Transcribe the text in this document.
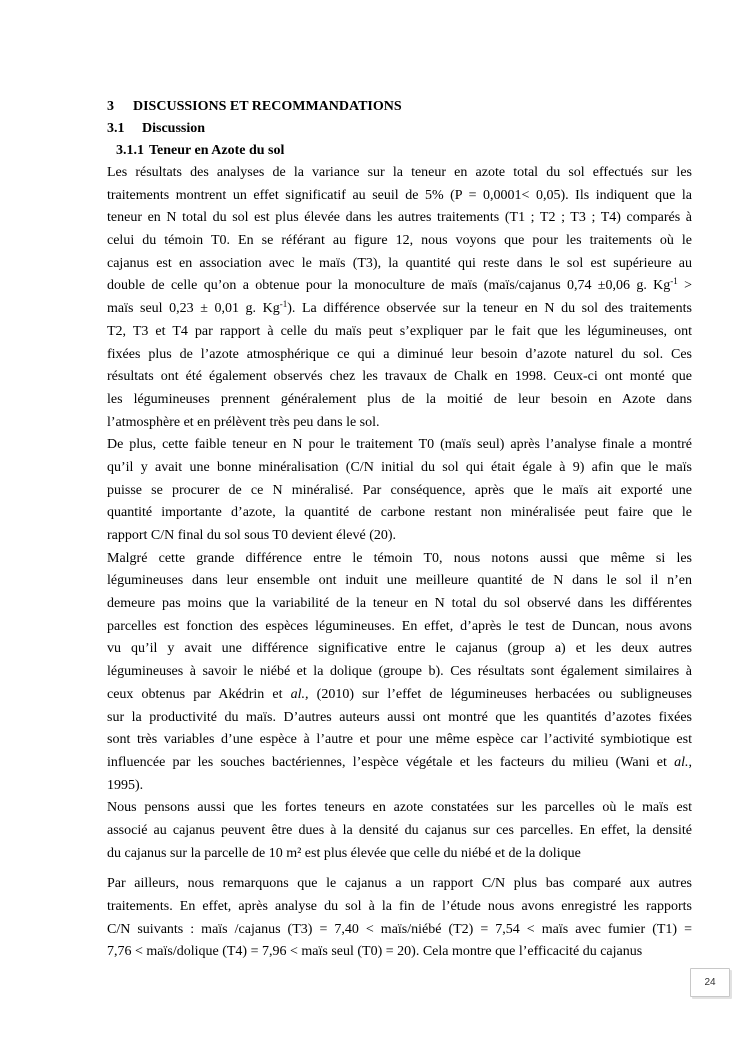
3 DISCUSSIONS ET RECOMMANDATIONS
3.1 Discussion
3.1.1 Teneur en Azote du sol
Les résultats des analyses de la variance sur la teneur en azote total du sol effectués sur les
traitements montrent un effet significatif au seuil de 5% (P = 0,0001< 0,05). Ils indiquent que la
teneur en N total du sol est plus élevée dans les autres traitements (T1 ; T2 ; T3 ; T4) comparés à
celui du témoin T0. En se référant au figure 12, nous voyons que pour les traitements où le
cajanus est en association avec le maïs (T3), la quantité qui reste dans le sol est supérieure au
double de celle qu’on a obtenue pour la monoculture de maïs (maïs/cajanus 0,74 ±0,06 g. $Kg^{-1}$ >
maïs seul 0,23 ± 0,01 g. $Kg^{-1}$). La différence observée sur la teneur en N du sol des traitements
T2, T3 et T4 par rapport à celle du maïs peut s’expliquer par le fait que les légumineuses, ont
fixées plus de l’azote atmosphérique ce qui a diminué leur besoin d’azote naturel du sol. Ces
résultats ont été également observés chez les travaux de Chalk en 1998. Ceux-ci ont monté que
les légumineuses prennent généralement plus de la moitié de leur besoin en Azote dans
l’atmosphère et en prélèvent très peu dans le sol.
De plus, cette faible teneur en N pour le traitement T0 (maïs seul) après l’analyse finale a montré
qu’il y avait une bonne minéralisation (C/N initial du sol qui était égale à 9) afin que le maïs
puisse se procurer de ce N minéralisé. Par conséquence, après que le maïs ait exporté une
quantité importante d’azote, la quantité de carbone restant non minéralisée peut faire que le
rapport C/N final du sol sous T0 devient élevé (20).
Malgré cette grande différence entre le témoin T0, nous notons aussi que même si les
légumineuses dans leur ensemble ont induit une meilleure quantité de N dans le sol il n’en
demeure pas moins que la variabilité de la teneur en N total du sol observé dans les différentes
parcelles est fonction des espèces légumineuses. En effet, d’après le test de Duncan, nous avons
vu qu’il y avait une différence significative entre le cajanus (group a) et les deux autres
légumineuses à savoir le niébé et la dolique (groupe b). Ces résultats sont également similaires à
ceux obtenus par Akédrin et al., (2010) sur l’effet de légumineuses herbacées ou subligneuses
sur la productivité du maïs. D’autres auteurs aussi ont montré que les quantités d’azotes fixées
sont très variables d’une espèce à l’autre et pour une même espèce car l’activité symbiotique est
influencée par les souches bactériennes, l’espèce végétale et les facteurs du milieu (Wani et al.,
1995).
Nous pensons aussi que les fortes teneurs en azote constatées sur les parcelles où le maïs est
associé au cajanus peuvent être dues à la densité du cajanus sur ces parcelles. En effet, la densité
du cajanus sur la parcelle de 10 m² est plus élevée que celle du niébé et de la dolique
Par ailleurs, nous remarquons que le cajanus a un rapport C/N plus bas comparé aux autres
traitements. En effet, après analyse du sol à la fin de l’étude nous avons enregistré les rapports
C/N suivants : maïs /cajanus (T3) = 7,40 < maïs/niébé (T2) = 7,54 < maïs avec fumier (T1) =
7,76 < maïs/dolique (T4) = 7,96 < maïs seul (T0) = 20). Cela montre que l’efficacité du cajanus
24
